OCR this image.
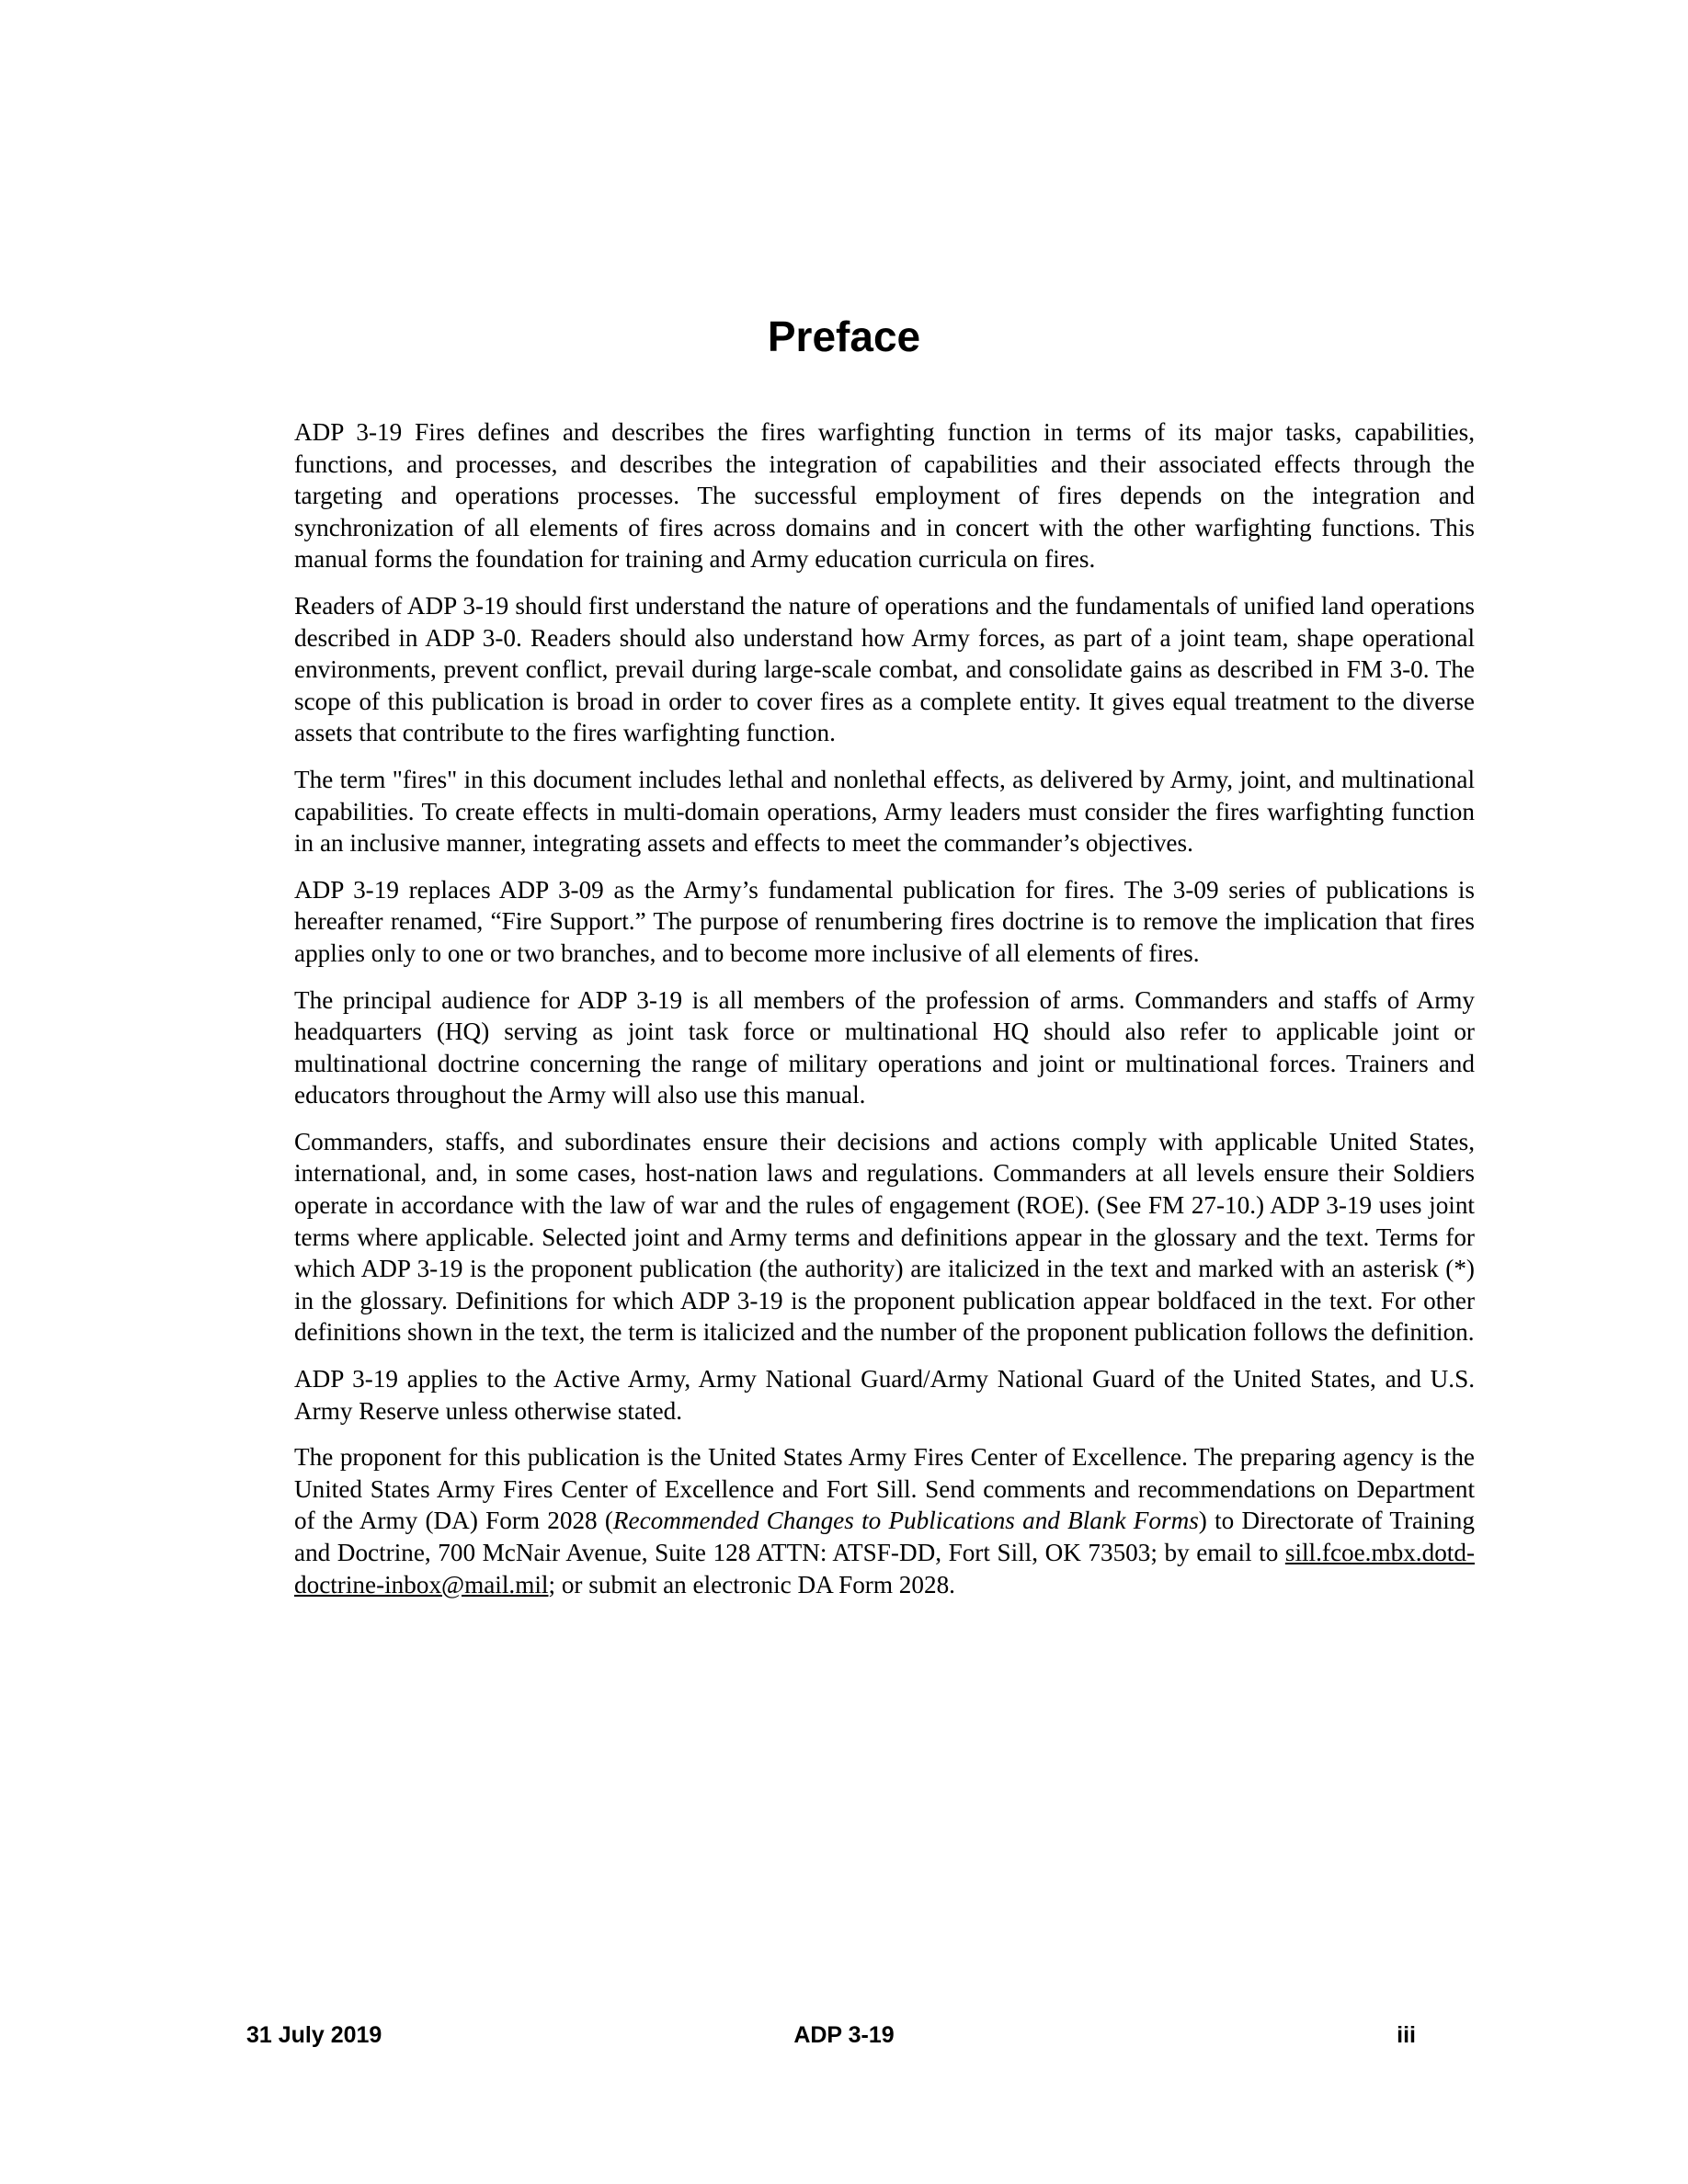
Preface

ADP 3-19 Fires defines and describes the fires warfighting function in terms of its major tasks, capabilities, functions, and processes, and describes the integration of capabilities and their associated effects through the targeting and operations processes. The successful employment of fires depends on the integration and synchronization of all elements of fires across domains and in concert with the other warfighting functions. This manual forms the foundation for training and Army education curricula on fires.

Readers of ADP 3-19 should first understand the nature of operations and the fundamentals of unified land operations described in ADP 3-0. Readers should also understand how Army forces, as part of a joint team, shape operational environments, prevent conflict, prevail during large-scale combat, and consolidate gains as described in FM 3-0. The scope of this publication is broad in order to cover fires as a complete entity. It gives equal treatment to the diverse assets that contribute to the fires warfighting function.

The term "fires" in this document includes lethal and nonlethal effects, as delivered by Army, joint, and multinational capabilities. To create effects in multi-domain operations, Army leaders must consider the fires warfighting function in an inclusive manner, integrating assets and effects to meet the commander’s objectives.

ADP 3-19 replaces ADP 3-09 as the Army’s fundamental publication for fires. The 3-09 series of publications is hereafter renamed, “Fire Support.” The purpose of renumbering fires doctrine is to remove the implication that fires applies only to one or two branches, and to become more inclusive of all elements of fires.

The principal audience for ADP 3-19 is all members of the profession of arms. Commanders and staffs of Army headquarters (HQ) serving as joint task force or multinational HQ should also refer to applicable joint or multinational doctrine concerning the range of military operations and joint or multinational forces. Trainers and educators throughout the Army will also use this manual.

Commanders, staffs, and subordinates ensure their decisions and actions comply with applicable United States, international, and, in some cases, host-nation laws and regulations. Commanders at all levels ensure their Soldiers operate in accordance with the law of war and the rules of engagement (ROE). (See FM 27-10.) ADP 3-19 uses joint terms where applicable. Selected joint and Army terms and definitions appear in the glossary and the text. Terms for which ADP 3-19 is the proponent publication (the authority) are italicized in the text and marked with an asterisk (*) in the glossary. Definitions for which ADP 3-19 is the proponent publication appear boldfaced in the text. For other definitions shown in the text, the term is italicized and the number of the proponent publication follows the definition.

ADP 3-19 applies to the Active Army, Army National Guard/Army National Guard of the United States, and U.S. Army Reserve unless otherwise stated.

The proponent for this publication is the United States Army Fires Center of Excellence. The preparing agency is the United States Army Fires Center of Excellence and Fort Sill. Send comments and recommendations on Department of the Army (DA) Form 2028 (Recommended Changes to Publications and Blank Forms) to Directorate of Training and Doctrine, 700 McNair Avenue, Suite 128 ATTN: ATSF-DD, Fort Sill, OK 73503; by email to sill.fcoe.mbx.dotd-doctrine-inbox@mail.mil; or submit an electronic DA Form 2028.

31 July 2019	ADP 3-19	iii
